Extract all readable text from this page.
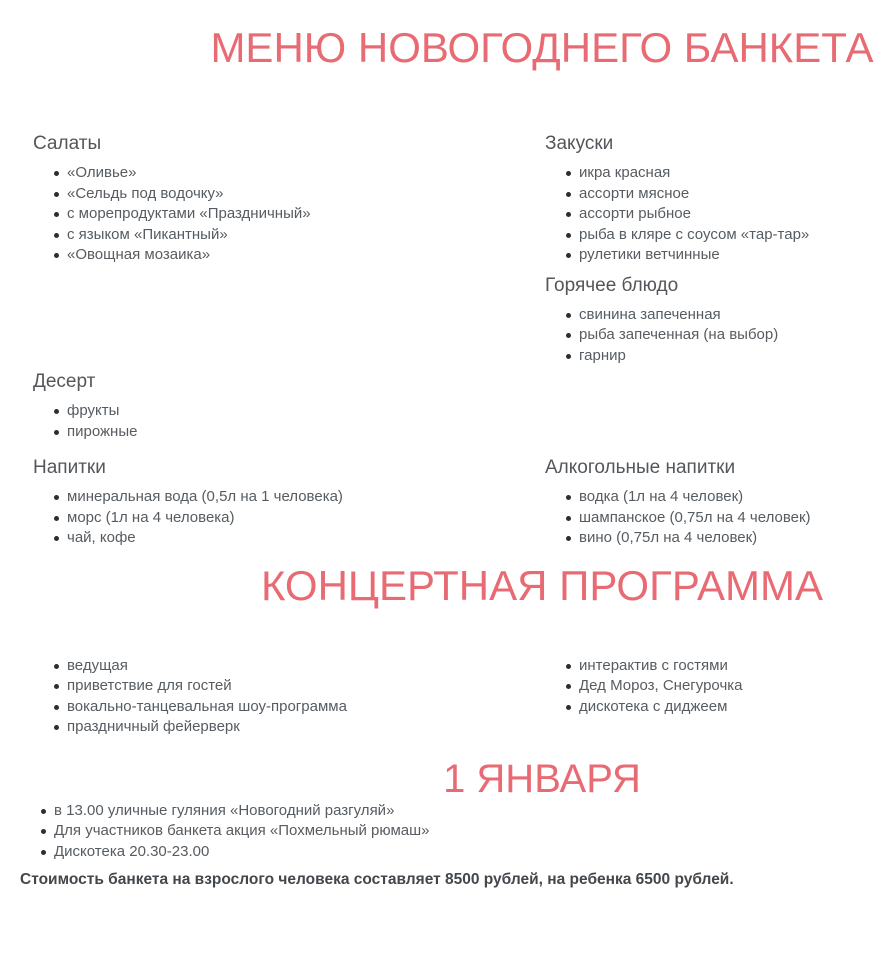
МЕНЮ НОВОГОДНЕГО БАНКЕТА
Салаты
«Оливье»
«Сельдь под водочку»
с морепродуктами «Праздничный»
с языком «Пикантный»
«Овощная мозаика»
Закуски
икра красная
ассорти мясное
ассорти рыбное
рыба в кляре с соусом «тар-тар»
рулетики ветчинные
Горячее блюдо
свинина запеченная
рыба запеченная (на выбор)
гарнир
Десерт
фрукты
пирожные
Напитки
минеральная вода (0,5л на 1 человека)
морс (1л на 4 человека)
чай, кофе
Алкогольные напитки
водка (1л на 4 человек)
шампанское (0,75л на 4 человек)
вино (0,75л на 4 человек)
КОНЦЕРТНАЯ ПРОГРАММА
ведущая
приветствие для гостей
вокально-танцевальная шоу-программа
праздничный фейерверк
интерактив с гостями
Дед Мороз, Снегурочка
дискотека с диджеем
1 ЯНВАРЯ
в 13.00 уличные гуляния «Новогодний разгуляй»
Для участников банкета акция «Похмельный рюмаш»
Дискотека 20.30-23.00

Стоимость банкета на взрослого человека составляет 8500 рублей, на ребенка 6500 рублей.
